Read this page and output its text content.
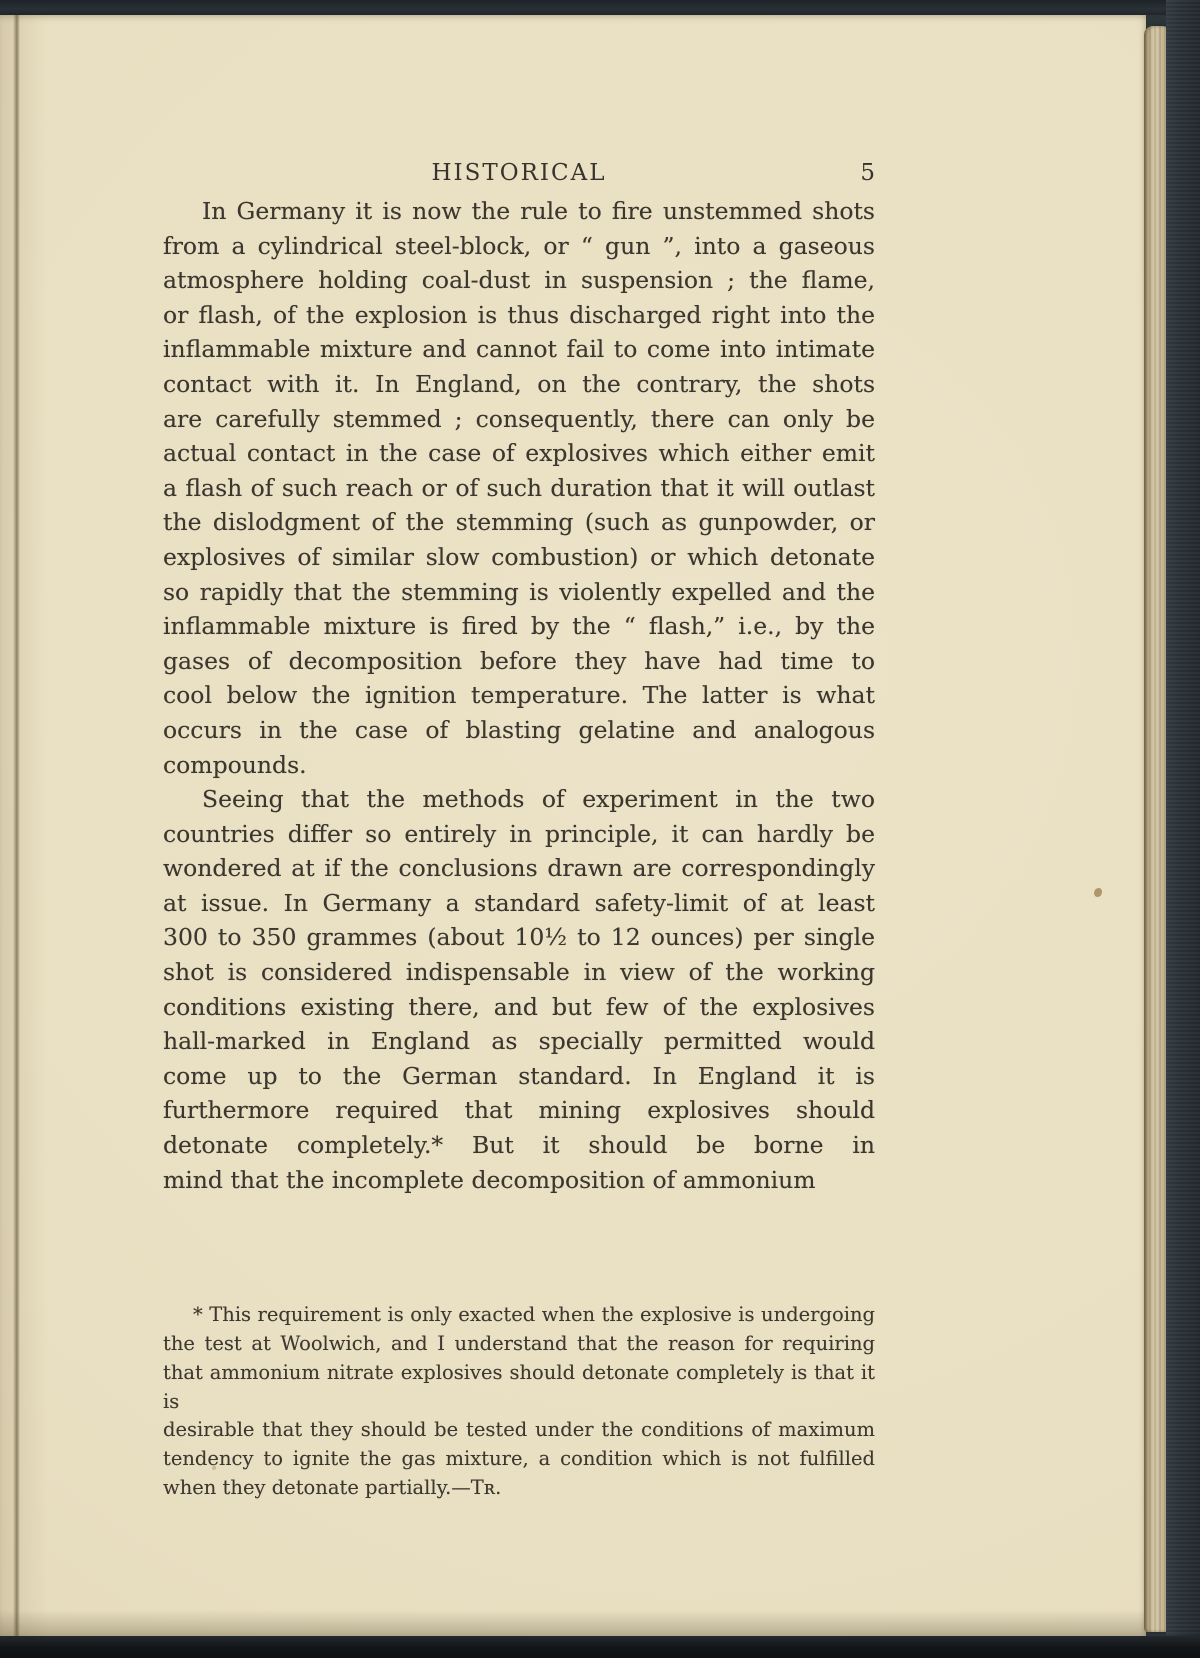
HISTORICAL	5
In Germany it is now the rule to fire unstemmed shots
from a cylindrical steel-block, or “ gun ”, into a gaseous
atmosphere holding coal-dust in suspension ; the flame,
or flash, of the explosion is thus discharged right into the
inflammable mixture and cannot fail to come into intimate
contact with it. In England, on the contrary, the shots
are carefully stemmed ; consequently, there can only be
actual contact in the case of explosives which either emit
a flash of such reach or of such duration that it will outlast
the dislodgment of the stemming (such as gunpowder, or
explosives of similar slow combustion) or which detonate
so rapidly that the stemming is violently expelled and the
inflammable mixture is fired by the “ flash,” i.e., by the
gases of decomposition before they have had time to
cool below the ignition temperature. The latter is what
occurs in the case of blasting gelatine and analogous
compounds.
Seeing that the methods of experiment in the two
countries differ so entirely in principle, it can hardly be
wondered at if the conclusions drawn are correspondingly
at issue. In Germany a standard safety-limit of at least
300 to 350 grammes (about 10½ to 12 ounces) per single
shot is considered indispensable in view of the working
conditions existing there, and but few of the explosives
hall-marked in England as specially permitted would
come up to the German standard. In England it is
furthermore required that mining explosives should
detonate completely.* But it should be borne in
mind that the incomplete decomposition of ammonium
* This requirement is only exacted when the explosive is undergoing
the test at Woolwich, and I understand that the reason for requiring
that ammonium nitrate explosives should detonate completely is that it is
desirable that they should be tested under the conditions of maximum
tendency to ignite the gas mixture, a condition which is not fulfilled
when they detonate partially.—Tʀ.
